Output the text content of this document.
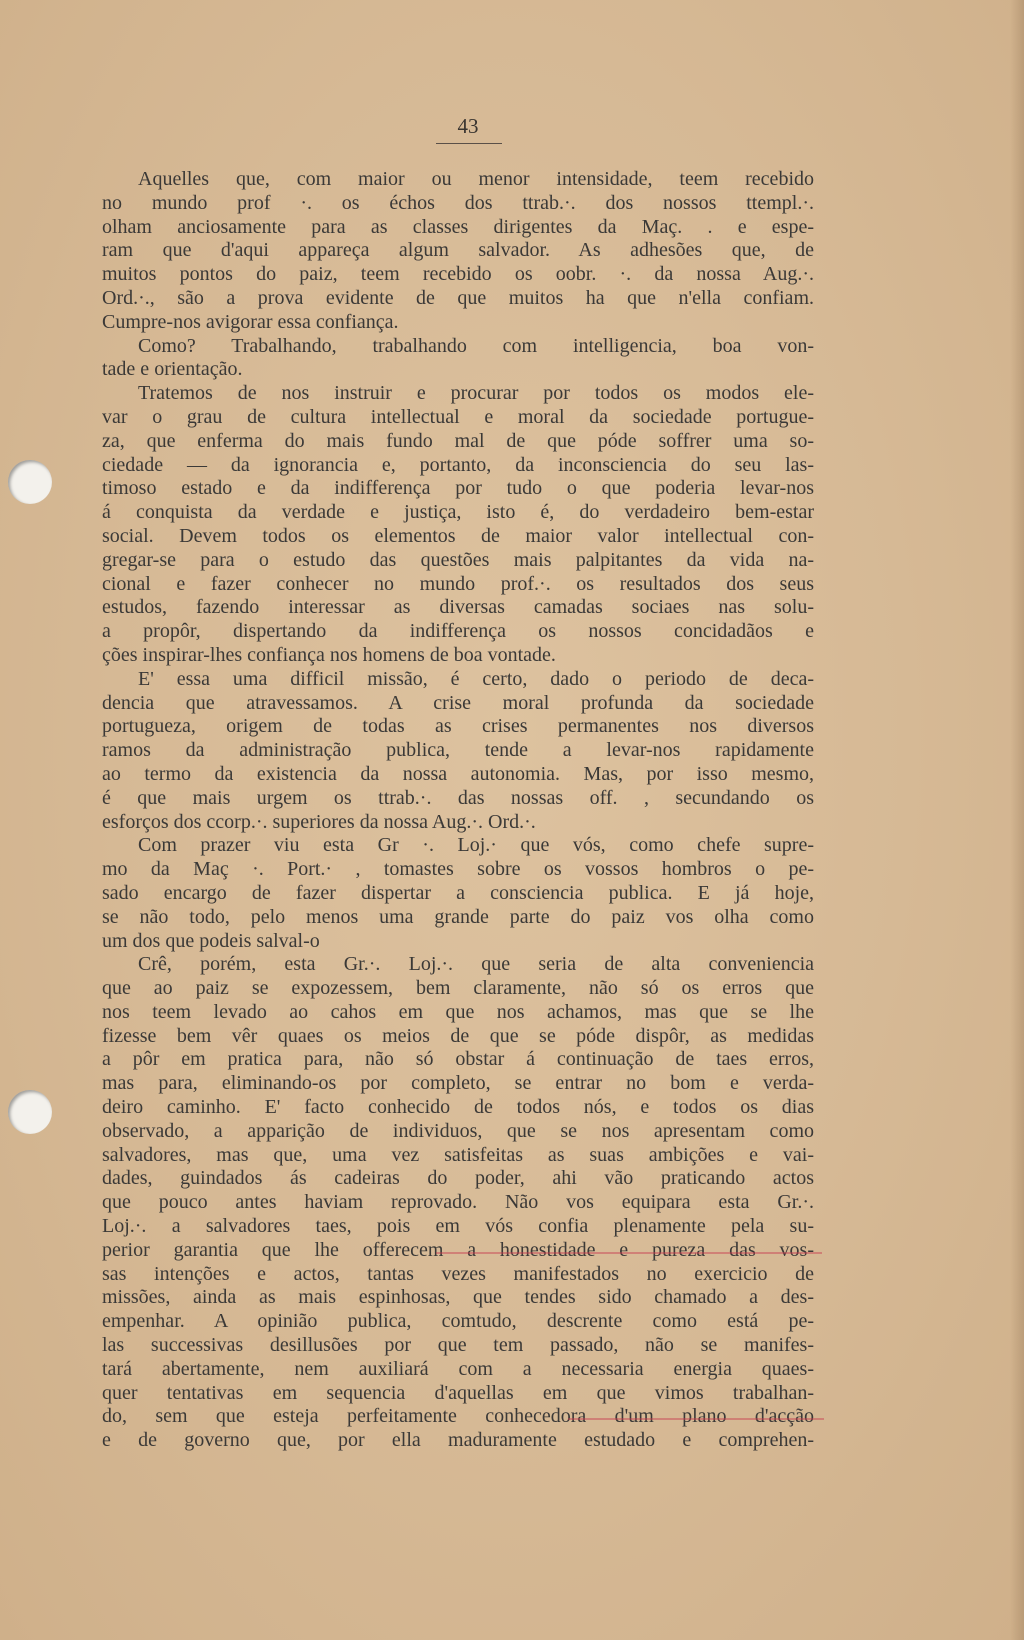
43
Aquelles que, com maior ou menor intensidade, teem recebido
no mundo prof ·. os échos dos ttrab.·. dos nossos ttempl.·.
olham anciosamente para as classes dirigentes da Maç. . e espe-
ram que d'aqui appareça algum salvador. As adhesões que, de
muitos pontos do paiz, teem recebido os oobr. ·. da nossa Aug.·.
Ord.·., são a prova evidente de que muitos ha que n'ella confiam.
Cumpre-nos avigorar essa confiança.
Como? Trabalhando, trabalhando com intelligencia, boa von-
tade e orientação.
Tratemos de nos instruir e procurar por todos os modos ele-
var o grau de cultura intellectual e moral da sociedade portugue-
za, que enferma do mais fundo mal de que póde soffrer uma so-
ciedade — da ignorancia e, portanto, da inconsciencia do seu las-
timoso estado e da indifferença por tudo o que poderia levar-nos
á conquista da verdade e justiça, isto é, do verdadeiro bem-estar
social. Devem todos os elementos de maior valor intellectual con-
gregar-se para o estudo das questões mais palpitantes da vida na-
cional e fazer conhecer no mundo prof.·. os resultados dos seus
estudos, fazendo interessar as diversas camadas sociaes nas solu-
a propôr, dispertando da indifferença os nossos concidadãos e
ções inspirar-lhes confiança nos homens de boa vontade.
E' essa uma difficil missão, é certo, dado o periodo de deca-
dencia que atravessamos. A crise moral profunda da sociedade
portugueza, origem de todas as crises permanentes nos diversos
ramos da administração publica, tende a levar-nos rapidamente
ao termo da existencia da nossa autonomia. Mas, por isso mesmo,
é que mais urgem os ttrab.·. das nossas off. , secundando os
esforços dos ccorp.·. superiores da nossa Aug.·. Ord.·.
Com prazer viu esta Gr ·. Loj.· que vós, como chefe supre-
mo da Maç ·. Port.· , tomastes sobre os vossos hombros o pe-
sado encargo de fazer dispertar a consciencia publica. E já hoje,
se não todo, pelo menos uma grande parte do paiz vos olha como
um dos que podeis salval-o
Crê, porém, esta Gr.·. Loj.·. que seria de alta conveniencia
que ao paiz se expozessem, bem claramente, não só os erros que
nos teem levado ao cahos em que nos achamos, mas que se lhe
fizesse bem vêr quaes os meios de que se póde dispôr, as medidas
a pôr em pratica para, não só obstar á continuação de taes erros,
mas para, eliminando-os por completo, se entrar no bom e verda-
deiro caminho. E' facto conhecido de todos nós, e todos os dias
observado, a apparição de individuos, que se nos apresentam como
salvadores, mas que, uma vez satisfeitas as suas ambições e vai-
dades, guindados ás cadeiras do poder, ahi vão praticando actos
que pouco antes haviam reprovado. Não vos equipara esta Gr.·.
Loj.·. a salvadores taes, pois em vós confia plenamente pela su-
perior garantia que lhe offerecem a honestidade e pureza das vos-
sas intenções e actos, tantas vezes manifestados no exercicio de
missões, ainda as mais espinhosas, que tendes sido chamado a des-
empenhar. A opinião publica, comtudo, descrente como está pe-
las successivas desillusões por que tem passado, não se manifes-
tará abertamente, nem auxiliará com a necessaria energia quaes-
quer tentativas em sequencia d'aquellas em que vimos trabalhan-
do, sem que esteja perfeitamente conhecedora d'um plano d'acção
e de governo que, por ella maduramente estudado e comprehen-
